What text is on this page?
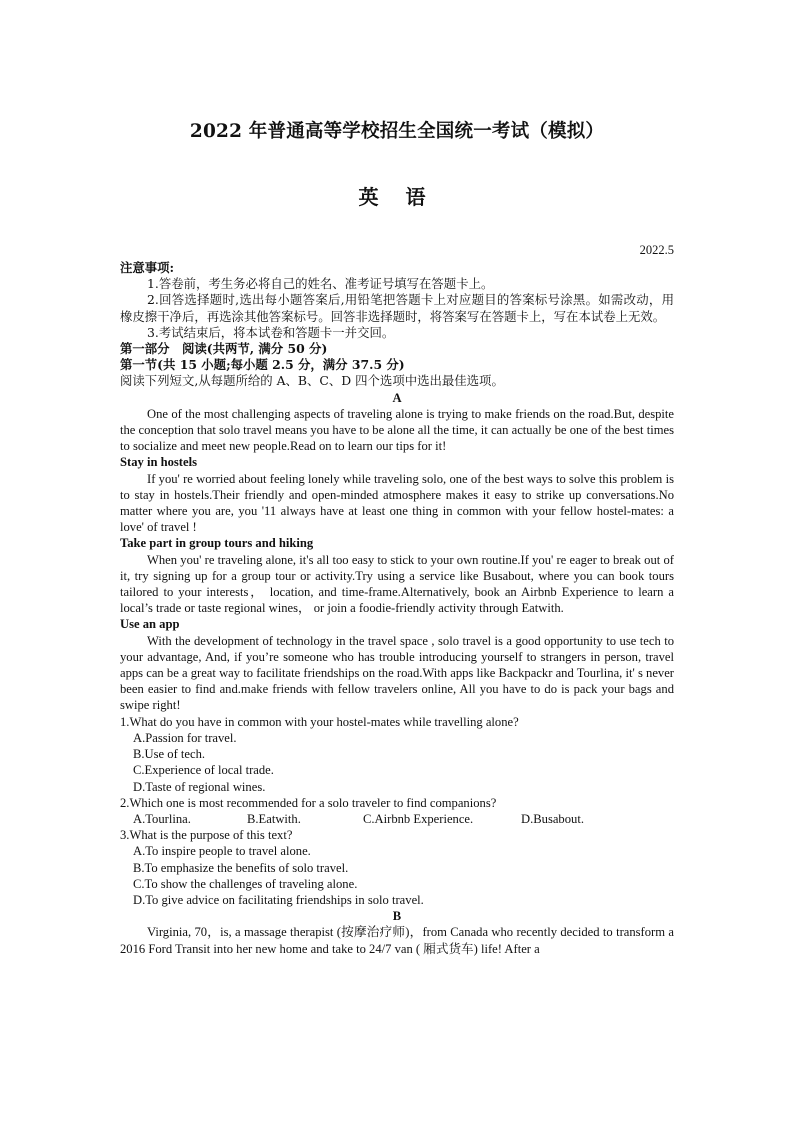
2022 年普通高等学校招生全国统一考试（模拟）
英 语
2022.5
注意事项:

1.答卷前，考生务必将自己的姓名、准考证号填写在答题卡上。

2.回答选择题时,选出每小题答案后,用铅笔把答题卡上对应题目的答案标号涂黑。如需改动，用橡皮擦干净后，再选涂其他答案标号。回答非选择题时，将答案写在答题卡上，写在本试卷上无效。

3.考试结束后，将本试卷和答题卡一并交回。

第一部分　阅读(共两节, 满分 50 分)
第一节(共 15 小题;每小题 2.5 分，满分 37.5 分)
阅读下列短文,从每题所给的 A、B、C、D 四个选项中选出最佳选项。
A

One of the most challenging aspects of traveling alone is trying to make friends on the road.But, despite the conception that solo travel means you have to be alone all the time, it can actually be one of the best times to socialize and meet new people.Read on to learn our tips for it!

Stay in hostels

If you' re worried about feeling lonely while traveling solo, one of the best ways to solve this problem is to stay in hostels.Their friendly and open-minded atmosphere makes it easy to strike up conversations.No matter where you are, you '11 always have at least one thing in common with your fellow hostel-mates: a love' of travel !

Take part in group tours and hiking

When you' re traveling alone, it's all too easy to stick to your own routine.If you' re eager to break out of it, try signing up for a group tour or activity.Try using a service like Busabout, where you can book tours tailored to your interests， location, and time-frame.Alternatively, book an Airbnb Experience to learn a local’s trade or taste regional wines， or join a foodie-friendly activity through Eatwith.

Use an app

With the development of technology in the travel space , solo travel is a good opportunity to use tech to your advantage, And, if you’re someone who has trouble introducing yourself to strangers in person, travel apps can be a great way to facilitate friendships on the road.With apps like Backpackr and Tourlina, it' s never been easier to find and.make friends with fellow travelers online, All you have to do is pack your bags and swipe right!

1.What do you have in common with your hostel-mates while travelling alone?
A.Passion for travel.
B.Use of tech.
C.Experience of local trade.
D.Taste of regional wines.
2.Which one is most recommended for a solo traveler to find companions?
A.Tourlina.	B.Eatwith.	C.Airbnb Experience.	D.Busabout.
3.What is the purpose of this text?
A.To inspire people to travel alone.
B.To emphasize the benefits of solo travel.
C.To show the challenges of traveling alone.
D.To give advice on facilitating friendships in solo travel.
B

Virginia, 70，is, a massage therapist (按摩治疗师)，from Canada who recently decided to transform a 2016 Ford Transit into her new home and take to 24/7 van ( 厢式货车) life! After a
